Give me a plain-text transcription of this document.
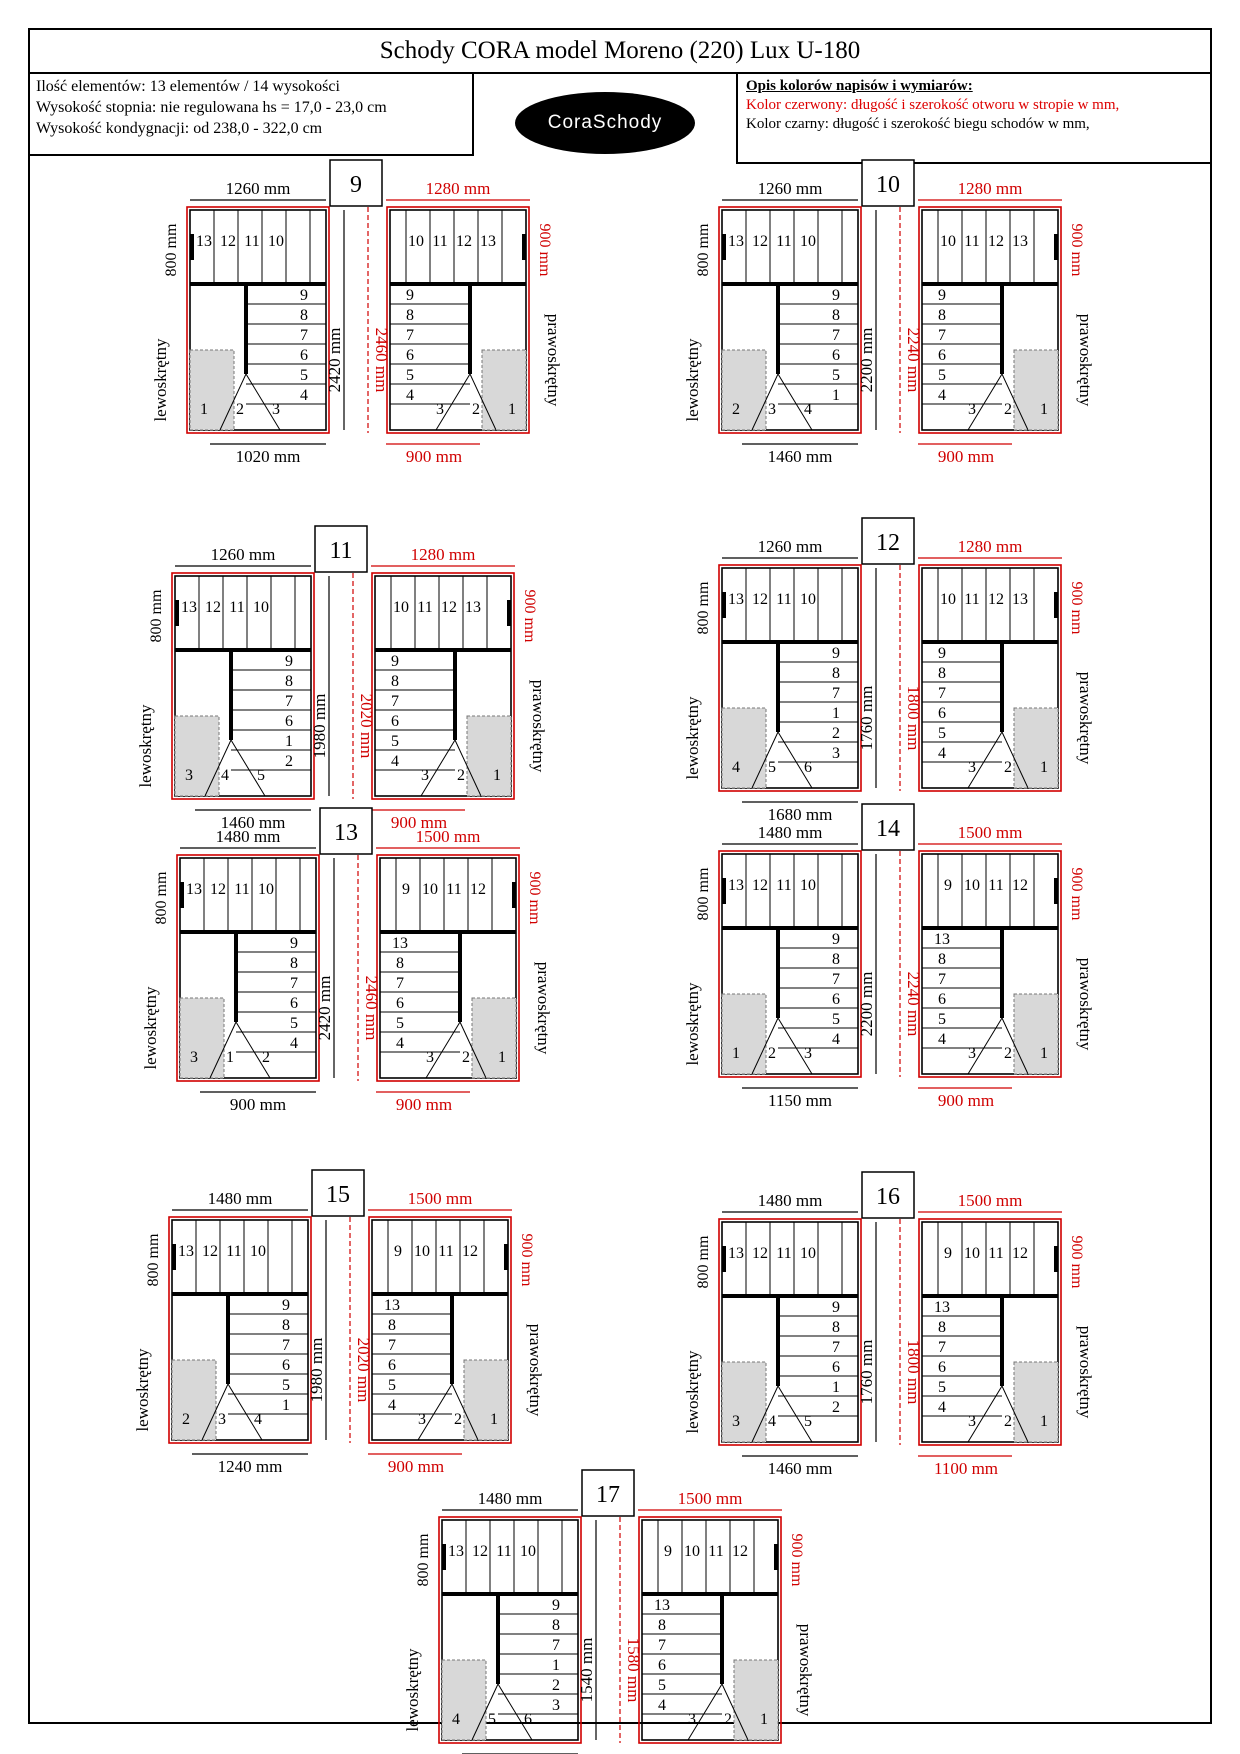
Schody CORA model Moreno (220) Lux U-180
Ilość elementów: 13 elementów / 14 wysokości
Wysokość stopnia: nie regulowana hs = 17,0 - 23,0 cm
Wysokość kondygnacji: od 238,0 - 322,0 cm	CoraSchody
Opis kolorów napisów i wymiarów:
Kolor czerwony: długość i szerokość otworu w stropie w mm,
Kolor czarny: długość i szerokość biegu schodów w mm,
9
1260 mm	1280 mm
13 12 11 10
9
8
7
6
5
4
1 2 3
10 11 12 13
9
8
7
6
5
4
3 2 1
2420 mm 2460 mm
800 mm
lewoskrętny
900 mm
prawoskrętny
1020 mm	900 mm
10
1260 mm	1280 mm
13 12 11 10
9
8
7
6
5
1
2 3 4
10 11 12 13
9
8
7
6
5
4
3 2 1
2200 mm 2240 mm
800 mm
lewoskrętny
900 mm
prawoskrętny
1460 mm	900 mm
11
1260 mm	1280 mm
13 12 11 10
9
8
7
6
1
2
3 4 5
10 11 12 13
9
8
7
6
5
4
3 2 1
1980 mm 2020 mm
800 mm
lewoskrętny
900 mm
prawoskrętny
1460 mm	900 mm
12
1260 mm	1280 mm
13 12 11 10
9
8
7
1
2
3
4 5 6
10 11 12 13
9
8
7
6
5
4
3 2 1
1760 mm 1800 mm
800 mm
lewoskrętny
900 mm
prawoskrętny
1680 mm
13
1480 mm	1500 mm
13 12 11 10
9
8
7
6
5
4
3 1 2
9 10 11 12
13
8
7
6
5
4
3 2 1
2420 mm 2460 mm
800 mm
lewoskrętny
900 mm
prawoskrętny
900 mm	900 mm
14
1480 mm	1500 mm
13 12 11 10
9
8
7
6
5
4
1 2 3
9 10 11 12
13
8
7
6
5
4
3 2 1
2200 mm 2240 mm
800 mm
lewoskrętny
900 mm
prawoskrętny
1150 mm	900 mm
15
1480 mm	1500 mm
13 12 11 10
9
8
7
6
5
1
2 3 4
9 10 11 12
13
8
7
6
5
4
3 2 1
1980 mm 2020 mm
800 mm
lewoskrętny
900 mm
prawoskrętny
1240 mm	900 mm
16
1480 mm	1500 mm
13 12 11 10
9
8
7
6
1
2
3 4 5
9 10 11 12
13
8
7
6
5
4
3 2 1
1760 mm 1800 mm
800 mm
lewoskrętny
900 mm
prawoskrętny
1460 mm	1100 mm
17
1480 mm	1500 mm
13 12 11 10
9
8
7
1
2
3
4 5 6
9 10 11 12
13
8
7
6
5
4
3 2 1
1540 mm 1580 mm
800 mm
lewoskrętny
900 mm
prawoskrętny
